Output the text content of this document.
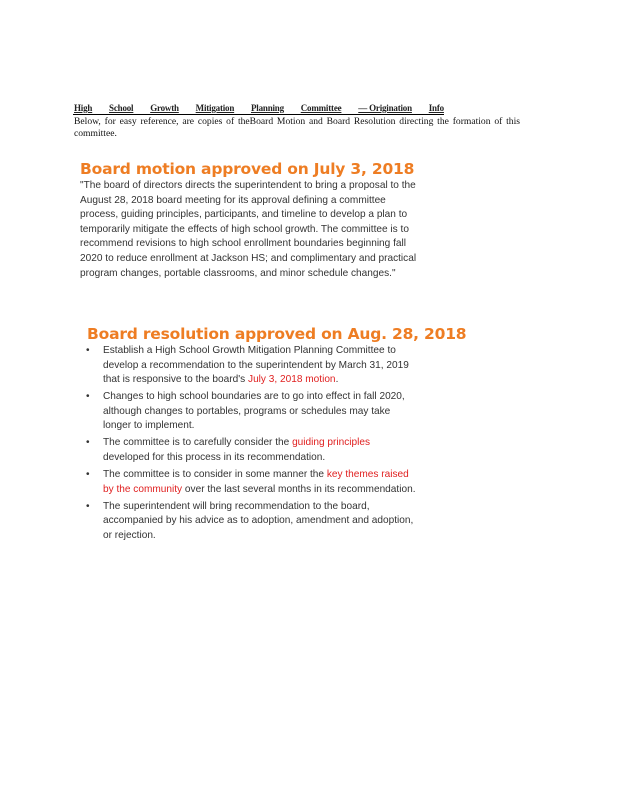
High School Growth Mitigation Planning Committee — Origination Info
Below, for easy reference, are copies of theBoard Motion and Board Resolution directing the formation of this committee.
Board motion approved on July 3, 2018
"The board of directors directs the superintendent to bring a proposal to the August 28, 2018 board meeting for its approval defining a committee process, guiding principles, participants, and timeline to develop a plan to temporarily mitigate the effects of high school growth. The committee is to recommend revisions to high school enrollment boundaries beginning fall 2020 to reduce enrollment at Jackson HS; and complimentary and practical program changes, portable classrooms, and minor schedule changes."
Board resolution approved on Aug. 28, 2018
• Establish a High School Growth Mitigation Planning Committee to develop a recommendation to the superintendent by March 31, 2019 that is responsive to the board's July 3, 2018 motion.
• Changes to high school boundaries are to go into effect in fall 2020, although changes to portables, programs or schedules may take longer to implement.
• The committee is to carefully consider the guiding principles developed for this process in its recommendation.
• The committee is to consider in some manner the key themes raised by the community over the last several months in its recommendation.
• The superintendent will bring recommendation to the board, accompanied by his advice as to adoption, amendment and adoption, or rejection.
